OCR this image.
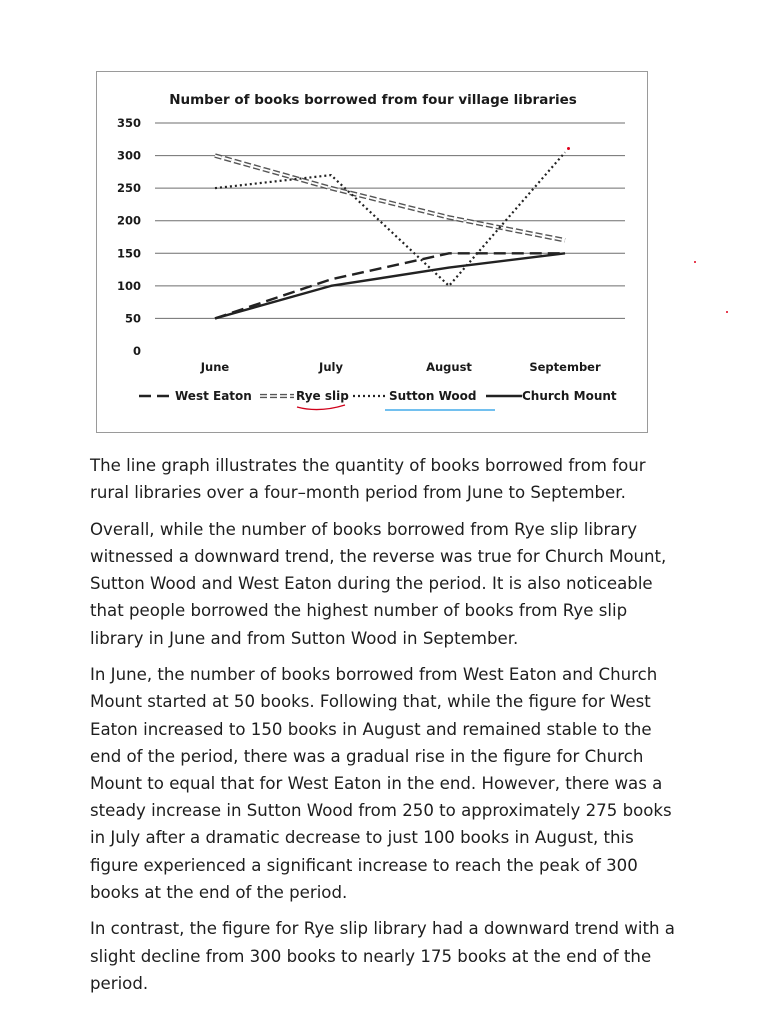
Number of books borrowed from four village libraries
0
50
100
150
200
250
300
350
June	July	August	September
West Eaton	Rye slip	Sutton Wood	Church Mount

The line graph illustrates the quantity of books borrowed from four rural libraries over a four–month period from June to September.

Overall, while the number of books borrowed from Rye slip library witnessed a downward trend, the reverse was true for Church Mount, Sutton Wood and West Eaton during the period. It is also noticeable that people borrowed the highest number of books from Rye slip library in June and from Sutton Wood in September.

In June, the number of books borrowed from West Eaton and Church Mount started at 50 books. Following that, while the figure for West Eaton increased to 150 books in August and remained stable to the end of the period, there was a gradual rise in the figure for Church Mount to equal that for West Eaton in the end. However, there was a steady increase in Sutton Wood from 250 to approximately 275 books in July after a dramatic decrease to just 100 books in August, this figure experienced a significant increase to reach the peak of 300 books at the end of the period.

In contrast, the figure for Rye slip library had a downward trend with a slight decline from 300 books to nearly 175 books at the end of the period.
